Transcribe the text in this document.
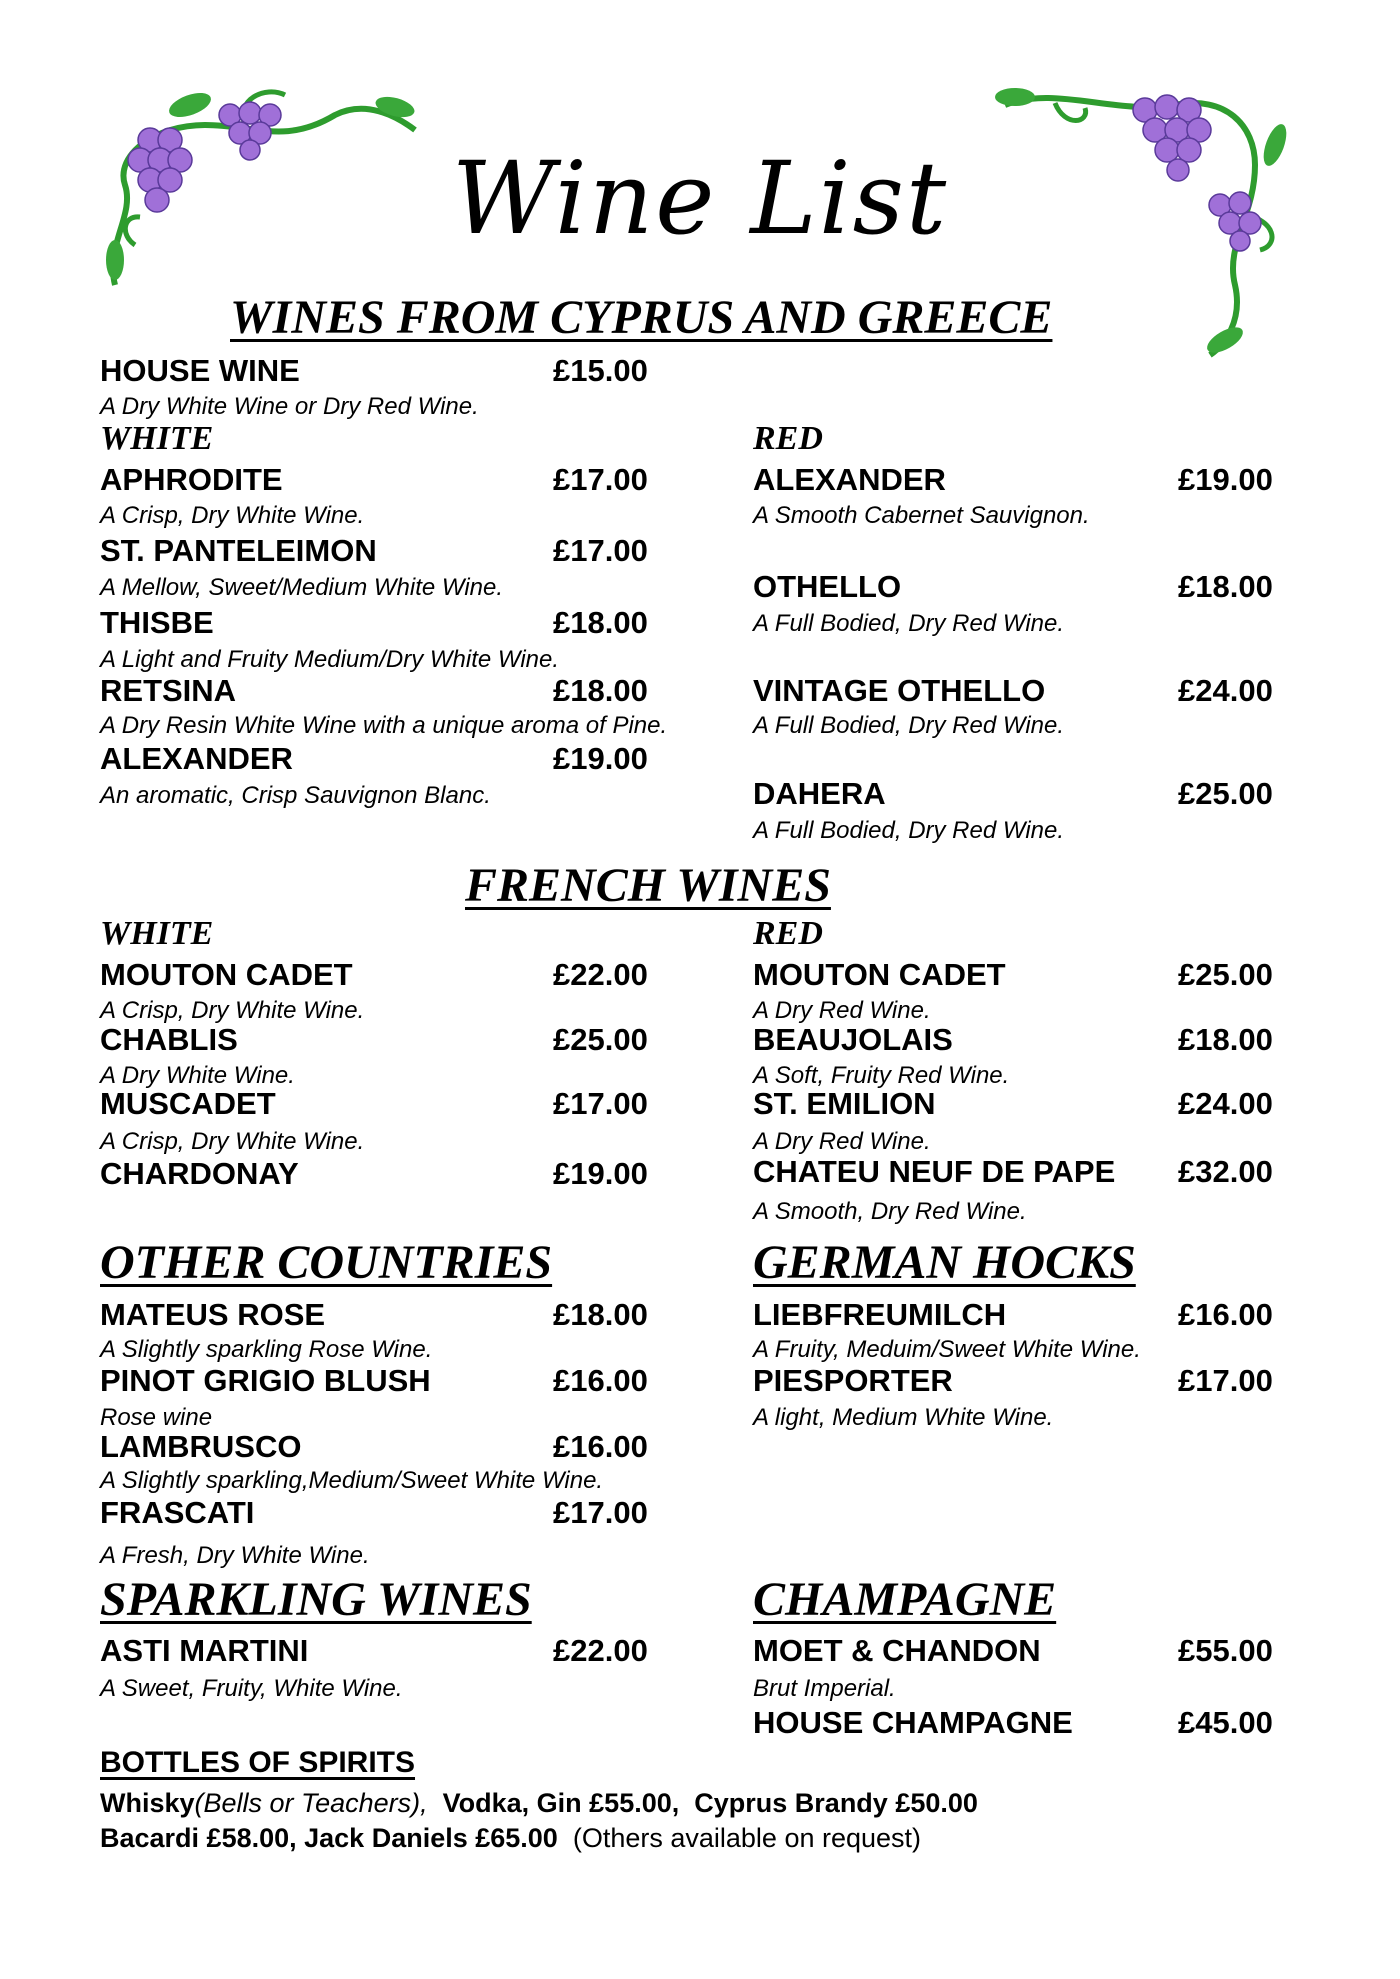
Wine List
WINES FROM CYPRUS AND GREECE
HOUSE WINE	£15.00
A Dry White Wine or Dry Red Wine.
WHITE	RED
APHRODITE	£17.00
A Crisp, Dry White Wine.
ST. PANTELEIMON	£17.00
A Mellow, Sweet/Medium White Wine.
THISBE	£18.00
A Light and Fruity Medium/Dry White Wine.
RETSINA	£18.00
A Dry Resin White Wine with a unique aroma of Pine.
ALEXANDER	£19.00
An aromatic, Crisp Sauvignon Blanc.
ALEXANDER	£19.00
A Smooth Cabernet Sauvignon.
OTHELLO	£18.00
A Full Bodied, Dry Red Wine.
VINTAGE OTHELLO	£24.00
A Full Bodied, Dry Red Wine.
DAHERA	£25.00
A Full Bodied, Dry Red Wine.
FRENCH WINES
WHITE	RED
MOUTON CADET	£22.00
A Crisp, Dry White Wine.
CHABLIS	£25.00
A Dry White Wine.
MUSCADET	£17.00
A Crisp, Dry White Wine.
CHARDONAY	£19.00
MOUTON CADET	£25.00
A Dry Red Wine.
BEAUJOLAIS	£18.00
A Soft, Fruity Red Wine.
ST. EMILION	£24.00
A Dry Red Wine.
CHATEU NEUF DE PAPE £32.00
A Smooth, Dry Red Wine.
OTHER COUNTRIES	GERMAN HOCKS
MATEUS ROSE	£18.00
A Slightly sparkling Rose Wine.
PINOT GRIGIO BLUSH	£16.00
Rose wine
LAMBRUSCO	£16.00
A Slightly sparkling,Medium/Sweet White Wine.
FRASCATI	£17.00
A Fresh, Dry White Wine.
LIEBFREUMILCH	£16.00
A Fruity, Meduim/Sweet White Wine.
PIESPORTER	£17.00
A light, Medium White Wine.
SPARKLING WINES	CHAMPAGNE
ASTI MARTINI	£22.00
A Sweet, Fruity, White Wine.
MOET & CHANDON	£55.00
Brut Imperial.
HOUSE CHAMPAGNE	£45.00
BOTTLES OF SPIRITS
Whisky(Bells or Teachers), Vodka, Gin £55.00, Cyprus Brandy £50.00
Bacardi £58.00, Jack Daniels £65.00 (Others available on request)
